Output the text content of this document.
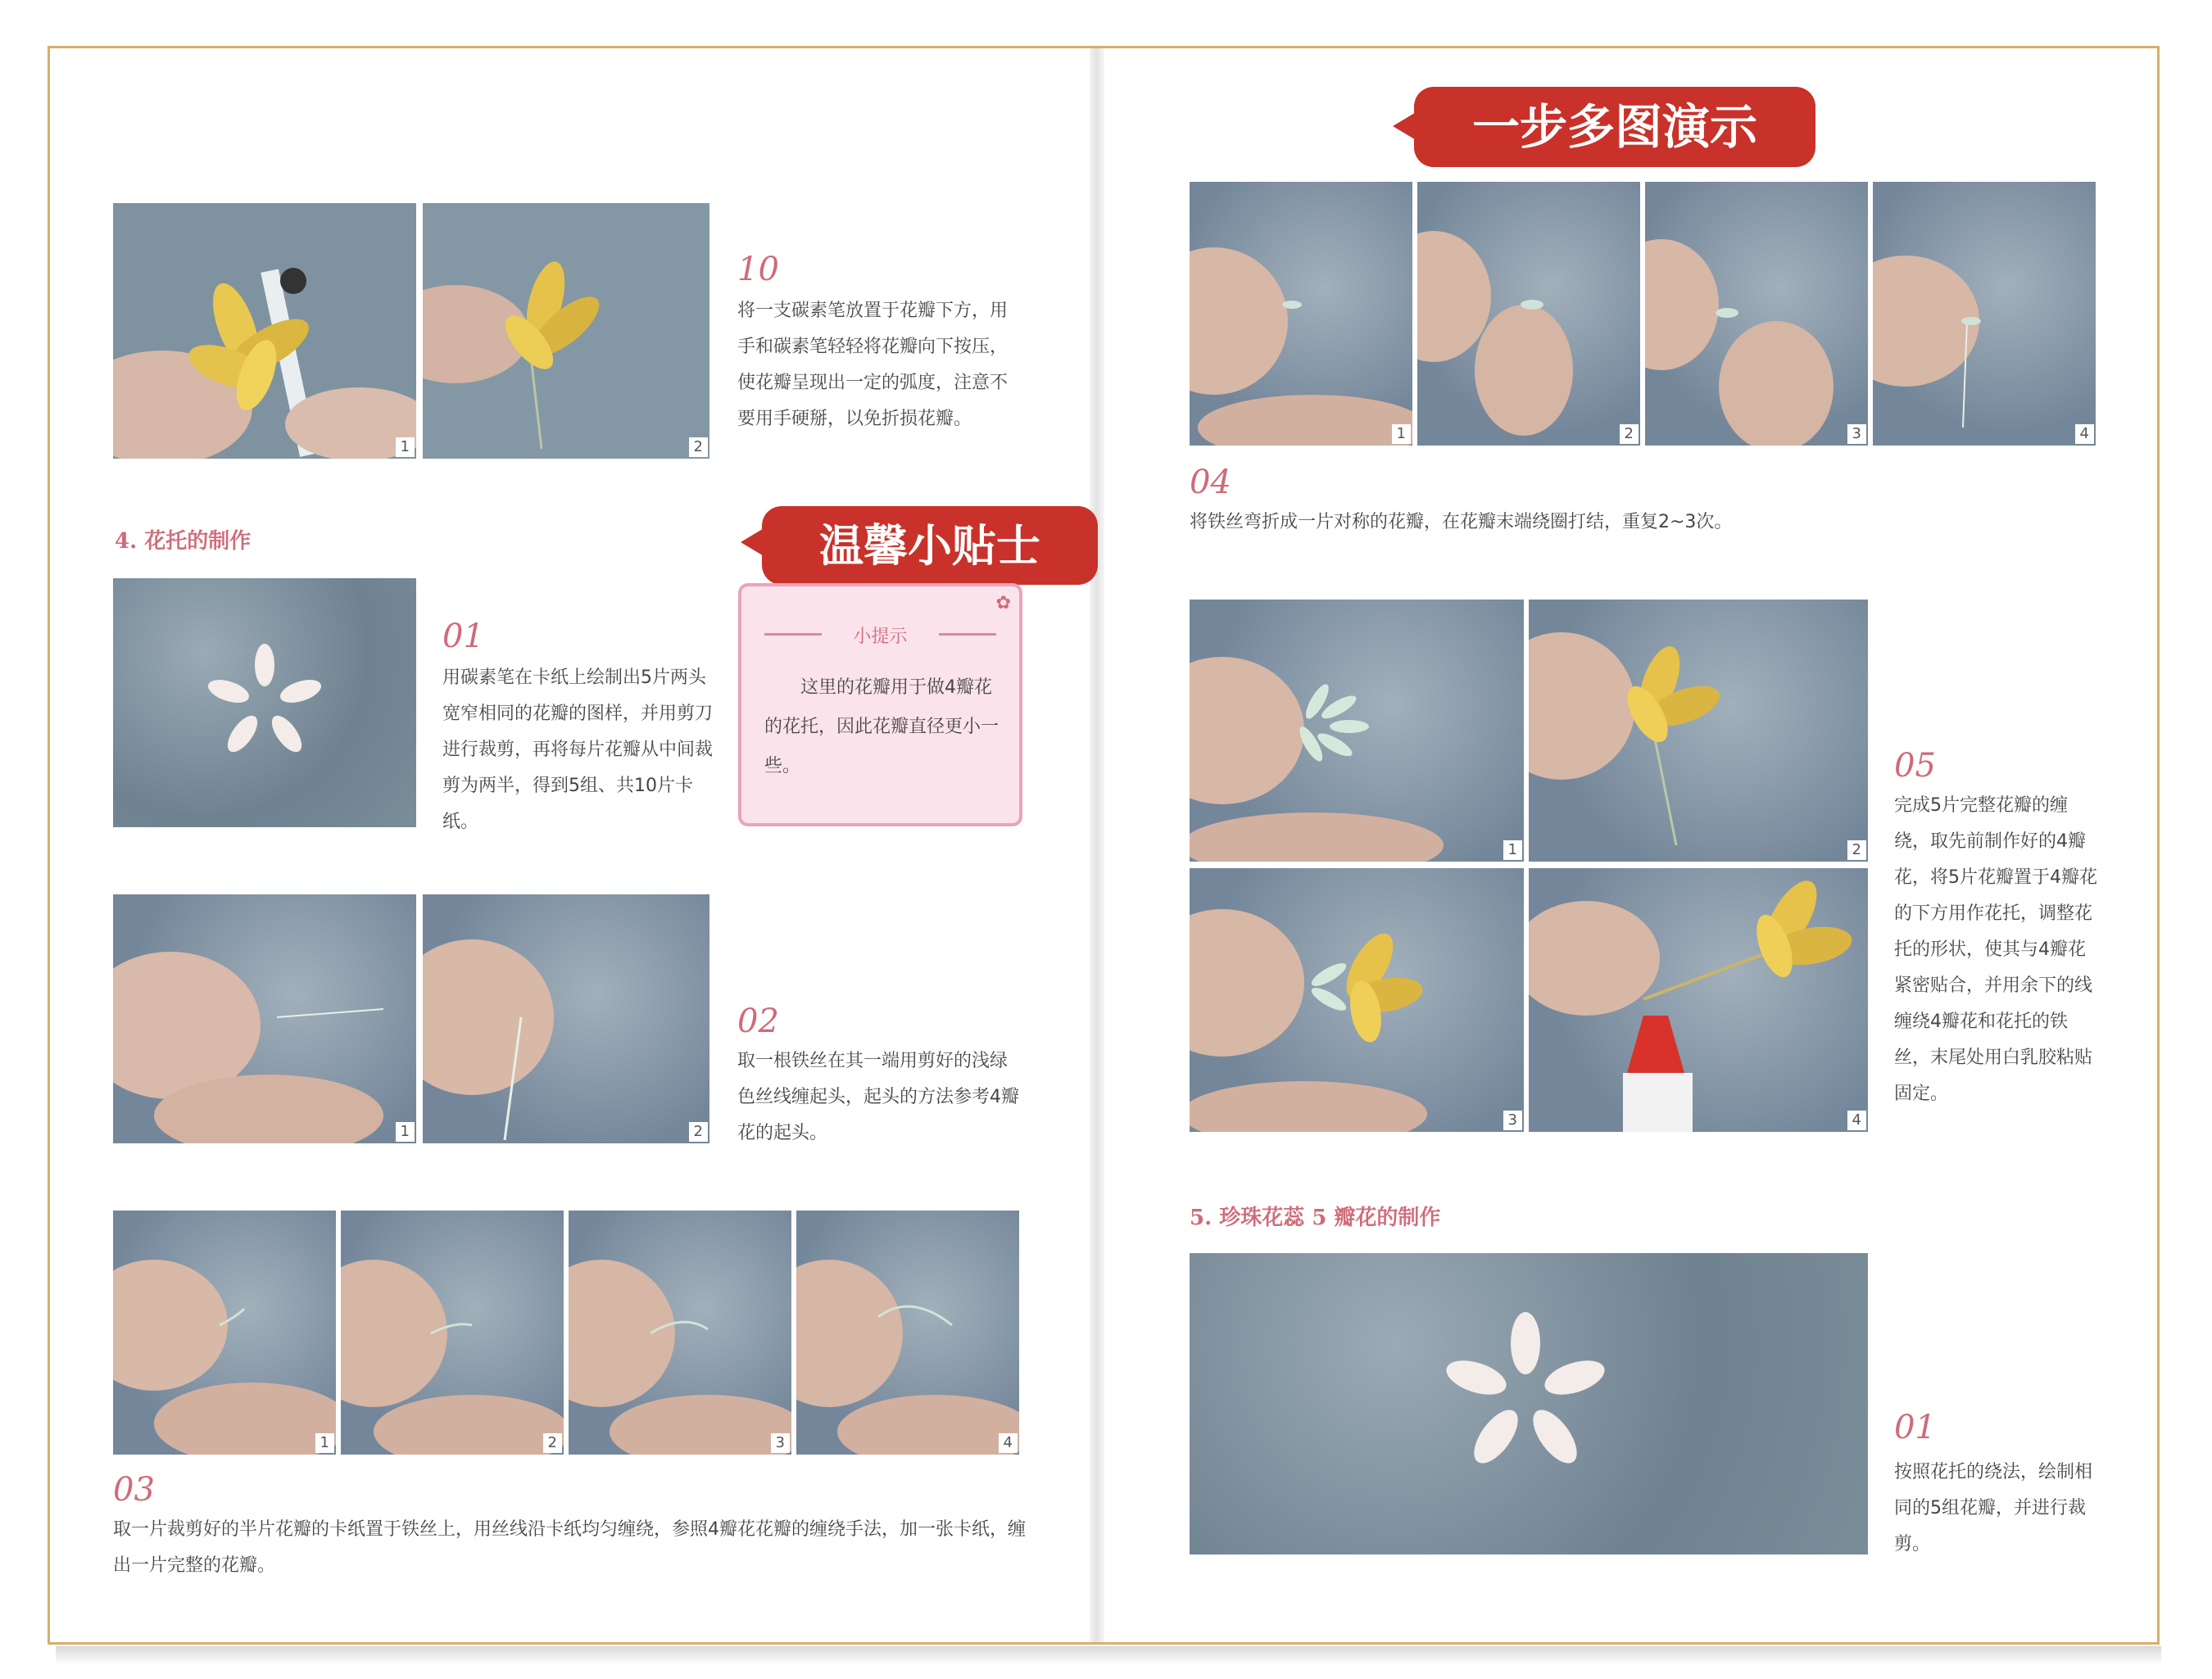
1	2
10
将一支碳素笔放置于花瓣下方，用手和碳素笔轻轻将花瓣向下按压，使花瓣呈现出一定的弧度，注意不要用手硬掰，以免折损花瓣。
4. 花托的制作	温馨小贴士
✿
小提示
这里的花瓣用于做4瓣花的花托，因此花瓣直径更小一些。
01
用碳素笔在卡纸上绘制出5片两头宽窄相同的花瓣的图样，并用剪刀进行裁剪，再将每片花瓣从中间裁剪为两半，得到5组、共10片卡纸。
1	2
02
取一根铁丝在其一端用剪好的浅绿色丝线缠起头，起头的方法参考4瓣花的起头。
1	2	3	4
03
取一片裁剪好的半片花瓣的卡纸置于铁丝上，用丝线沿卡纸均匀缠绕，参照4瓣花花瓣的缠绕手法，加一张卡纸，缠出一片完整的花瓣。
一步多图演示
1	2	3	4
04
将铁丝弯折成一片对称的花瓣，在花瓣末端绕圈打结，重复2~3次。
1	2
3	4
05
完成5片完整花瓣的缠绕，取先前制作好的4瓣花，将5片花瓣置于4瓣花的下方用作花托，调整花托的形状，使其与4瓣花紧密贴合，并用余下的线缠绕4瓣花和花托的铁丝，末尾处用白乳胶粘贴固定。
5. 珍珠花蕊 5 瓣花的制作
01
按照花托的绕法，绘制相同的5组花瓣，并进行裁剪。
